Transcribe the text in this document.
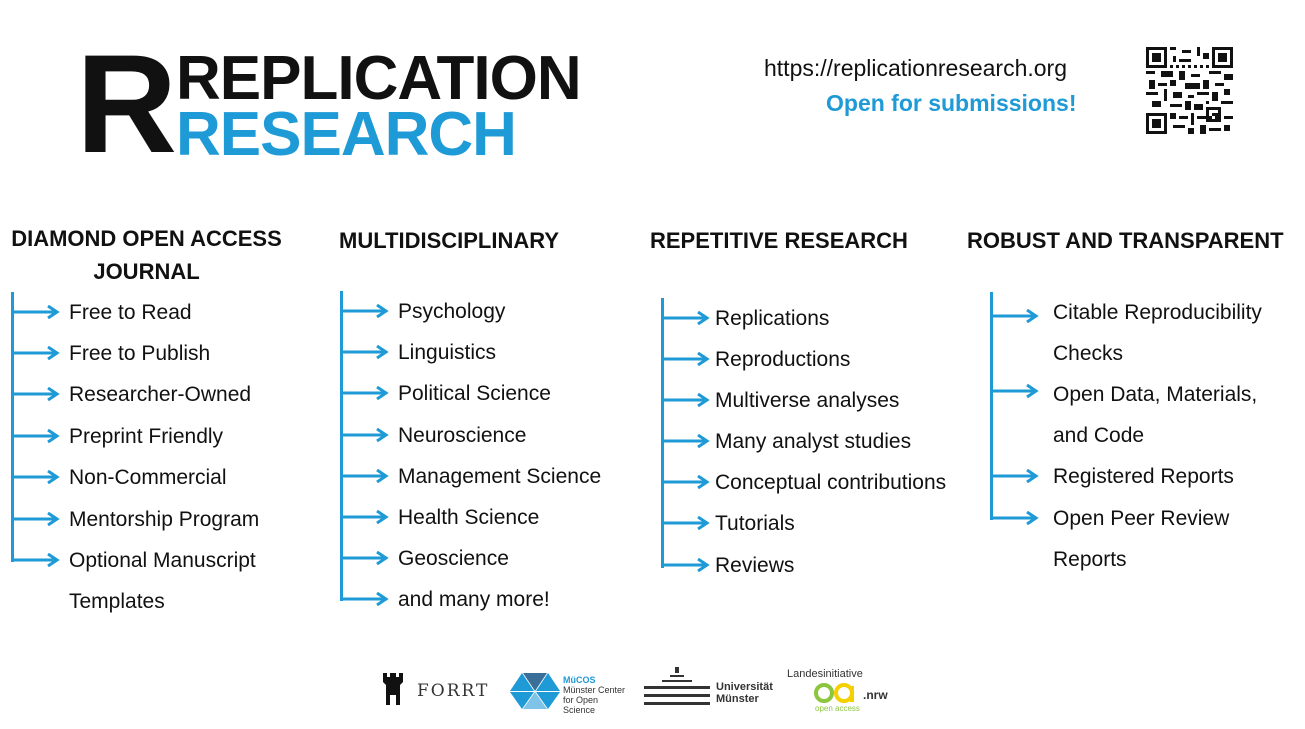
R REPLICATION
RESEARCH
https://replicationresearch.org
Open for submissions!
DIAMOND OPEN ACCESS
JOURNAL
Free to Read
Free to Publish
Researcher-Owned
Preprint Friendly
Non-Commercial
Mentorship Program
Optional Manuscript
Templates
MULTIDISCIPLINARY
Psychology
Linguistics
Political Science
Neuroscience
Management Science
Health Science
Geoscience
and many more!
REPETITIVE RESEARCH
Replications
Reproductions
Multiverse analyses
Many analyst studies
Conceptual contributions
Tutorials
Reviews
ROBUST AND TRANSPARENT
Citable Reproducibility
Checks
Open Data, Materials,
and Code
Registered Reports
Open Peer Review
Reports
FORRT
MüCOS
Münster Center
for Open Science
Universität
Münster
Landesinitiative
.nrw
open access
